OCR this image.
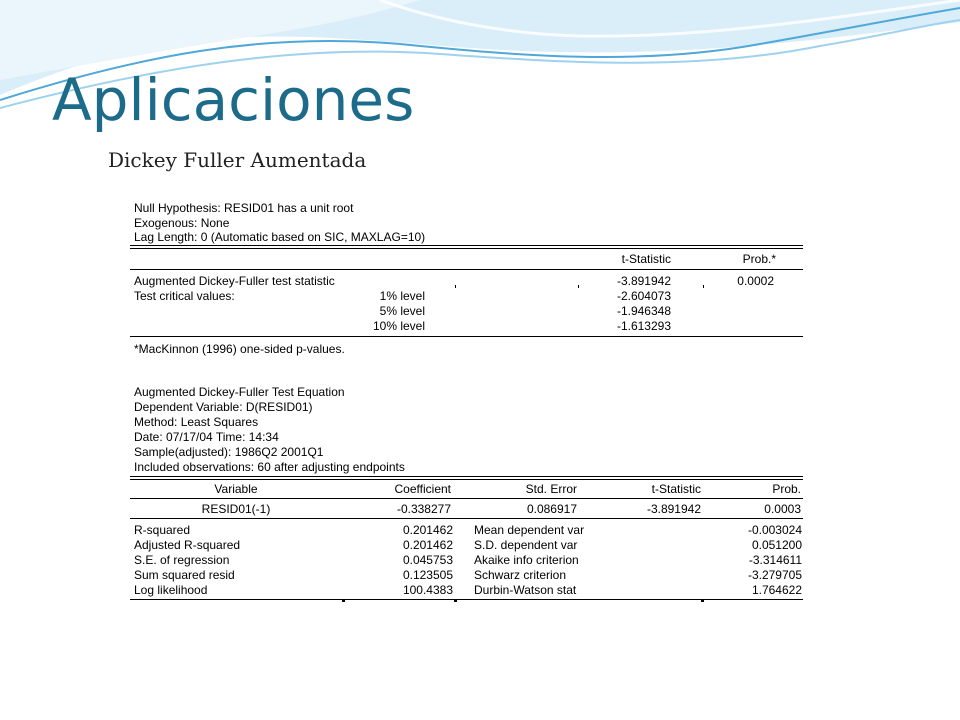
Aplicaciones
Dickey Fuller Aumentada
Null Hypothesis: RESID01 has a unit root
Exogenous: None
Lag Length: 0 (Automatic based on SIC, MAXLAG=10)
t-Statistic	Prob.*
Augmented Dickey-Fuller test statistic	-3.891942	0.0002
Test critical values:	1% level	-2.604073
5% level	-1.946348
10% level	-1.613293
*MacKinnon (1996) one-sided p-values.
Augmented Dickey-Fuller Test Equation
Dependent Variable: D(RESID01)
Method: Least Squares
Date: 07/17/04 Time: 14:34
Sample(adjusted): 1986Q2 2001Q1
Included observations: 60 after adjusting endpoints
Variable	Coefficient	Std. Error	t-Statistic	Prob.
RESID01(-1)	-0.338277	0.086917	-3.891942	0.0003
R-squared	0.201462 Mean dependent var	-0.003024
Adjusted R-squared	0.201462 S.D. dependent var	0.051200
S.E. of regression	0.045753 Akaike info criterion	-3.314611
Sum squared resid	0.123505 Schwarz criterion	-3.279705
Log likelihood	100.4383 Durbin-Watson stat	1.764622
